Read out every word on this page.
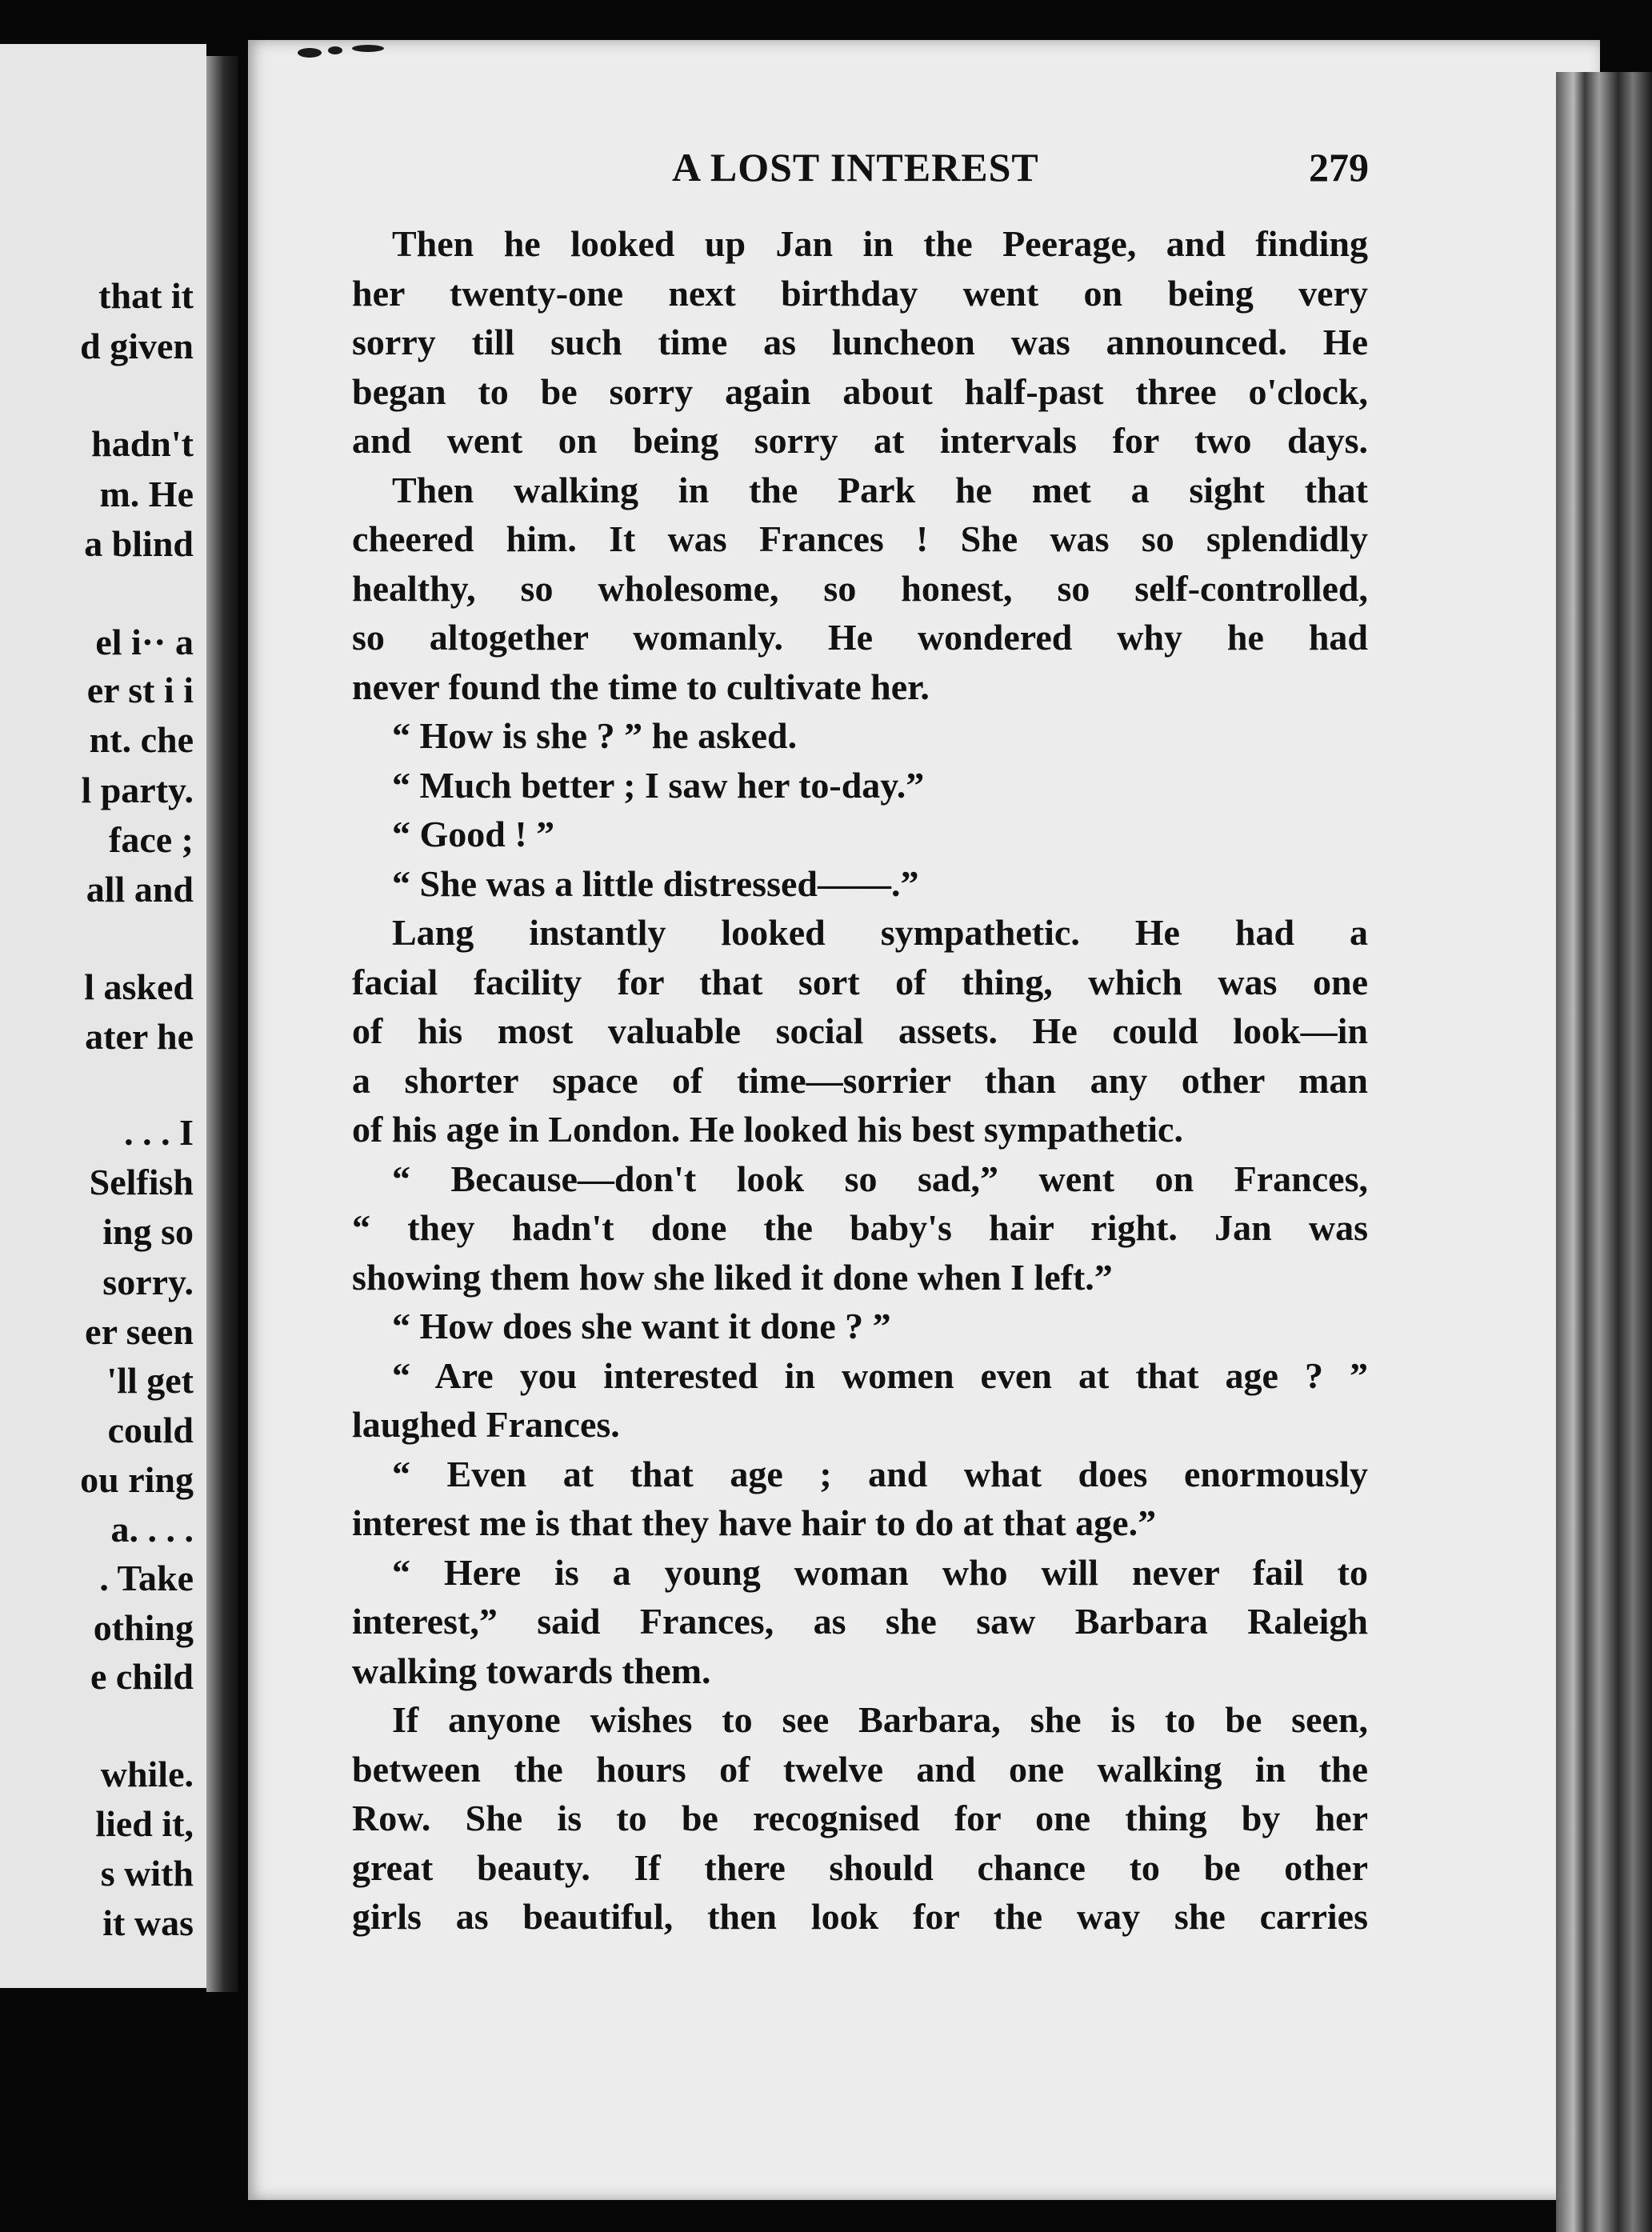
that it
d given
hadn't
m. He
a blind
el i·· a
er st i i
nt. che
l party.
face ;
all and
l asked
ater he
. . . I
Selfish
ing so
sorry.
er seen
'll get
could
ou ring
a. . . .
. Take
othing
e child
while.
lied it,
s with
it was
A LOST INTEREST	279
Then he looked up Jan in the Peerage, and finding
her twenty-one next birthday went on being very
sorry till such time as luncheon was announced. He
began to be sorry again about half-past three o'clock,
and went on being sorry at intervals for two days.
Then walking in the Park he met a sight that
cheered him. It was Frances ! She was so splendidly
healthy, so wholesome, so honest, so self-controlled,
so altogether womanly. He wondered why he had
never found the time to cultivate her.
“ How is she ? ” he asked.
“ Much better ; I saw her to-day.”
“ Good ! ”
“ She was a little distressed——.”
Lang instantly looked sympathetic. He had a
facial facility for that sort of thing, which was one
of his most valuable social assets. He could look—in
a shorter space of time—sorrier than any other man
of his age in London. He looked his best sympathetic.
“ Because—don't look so sad,” went on Frances,
“ they hadn't done the baby's hair right. Jan was
showing them how she liked it done when I left.”
“ How does she want it done ? ”
“ Are you interested in women even at that age ? ”
laughed Frances.
“ Even at that age ; and what does enormously
interest me is that they have hair to do at that age.”
“ Here is a young woman who will never fail to
interest,” said Frances, as she saw Barbara Raleigh
walking towards them.
If anyone wishes to see Barbara, she is to be seen,
between the hours of twelve and one walking in the
Row. She is to be recognised for one thing by her
great beauty. If there should chance to be other
girls as beautiful, then look for the way she carries
